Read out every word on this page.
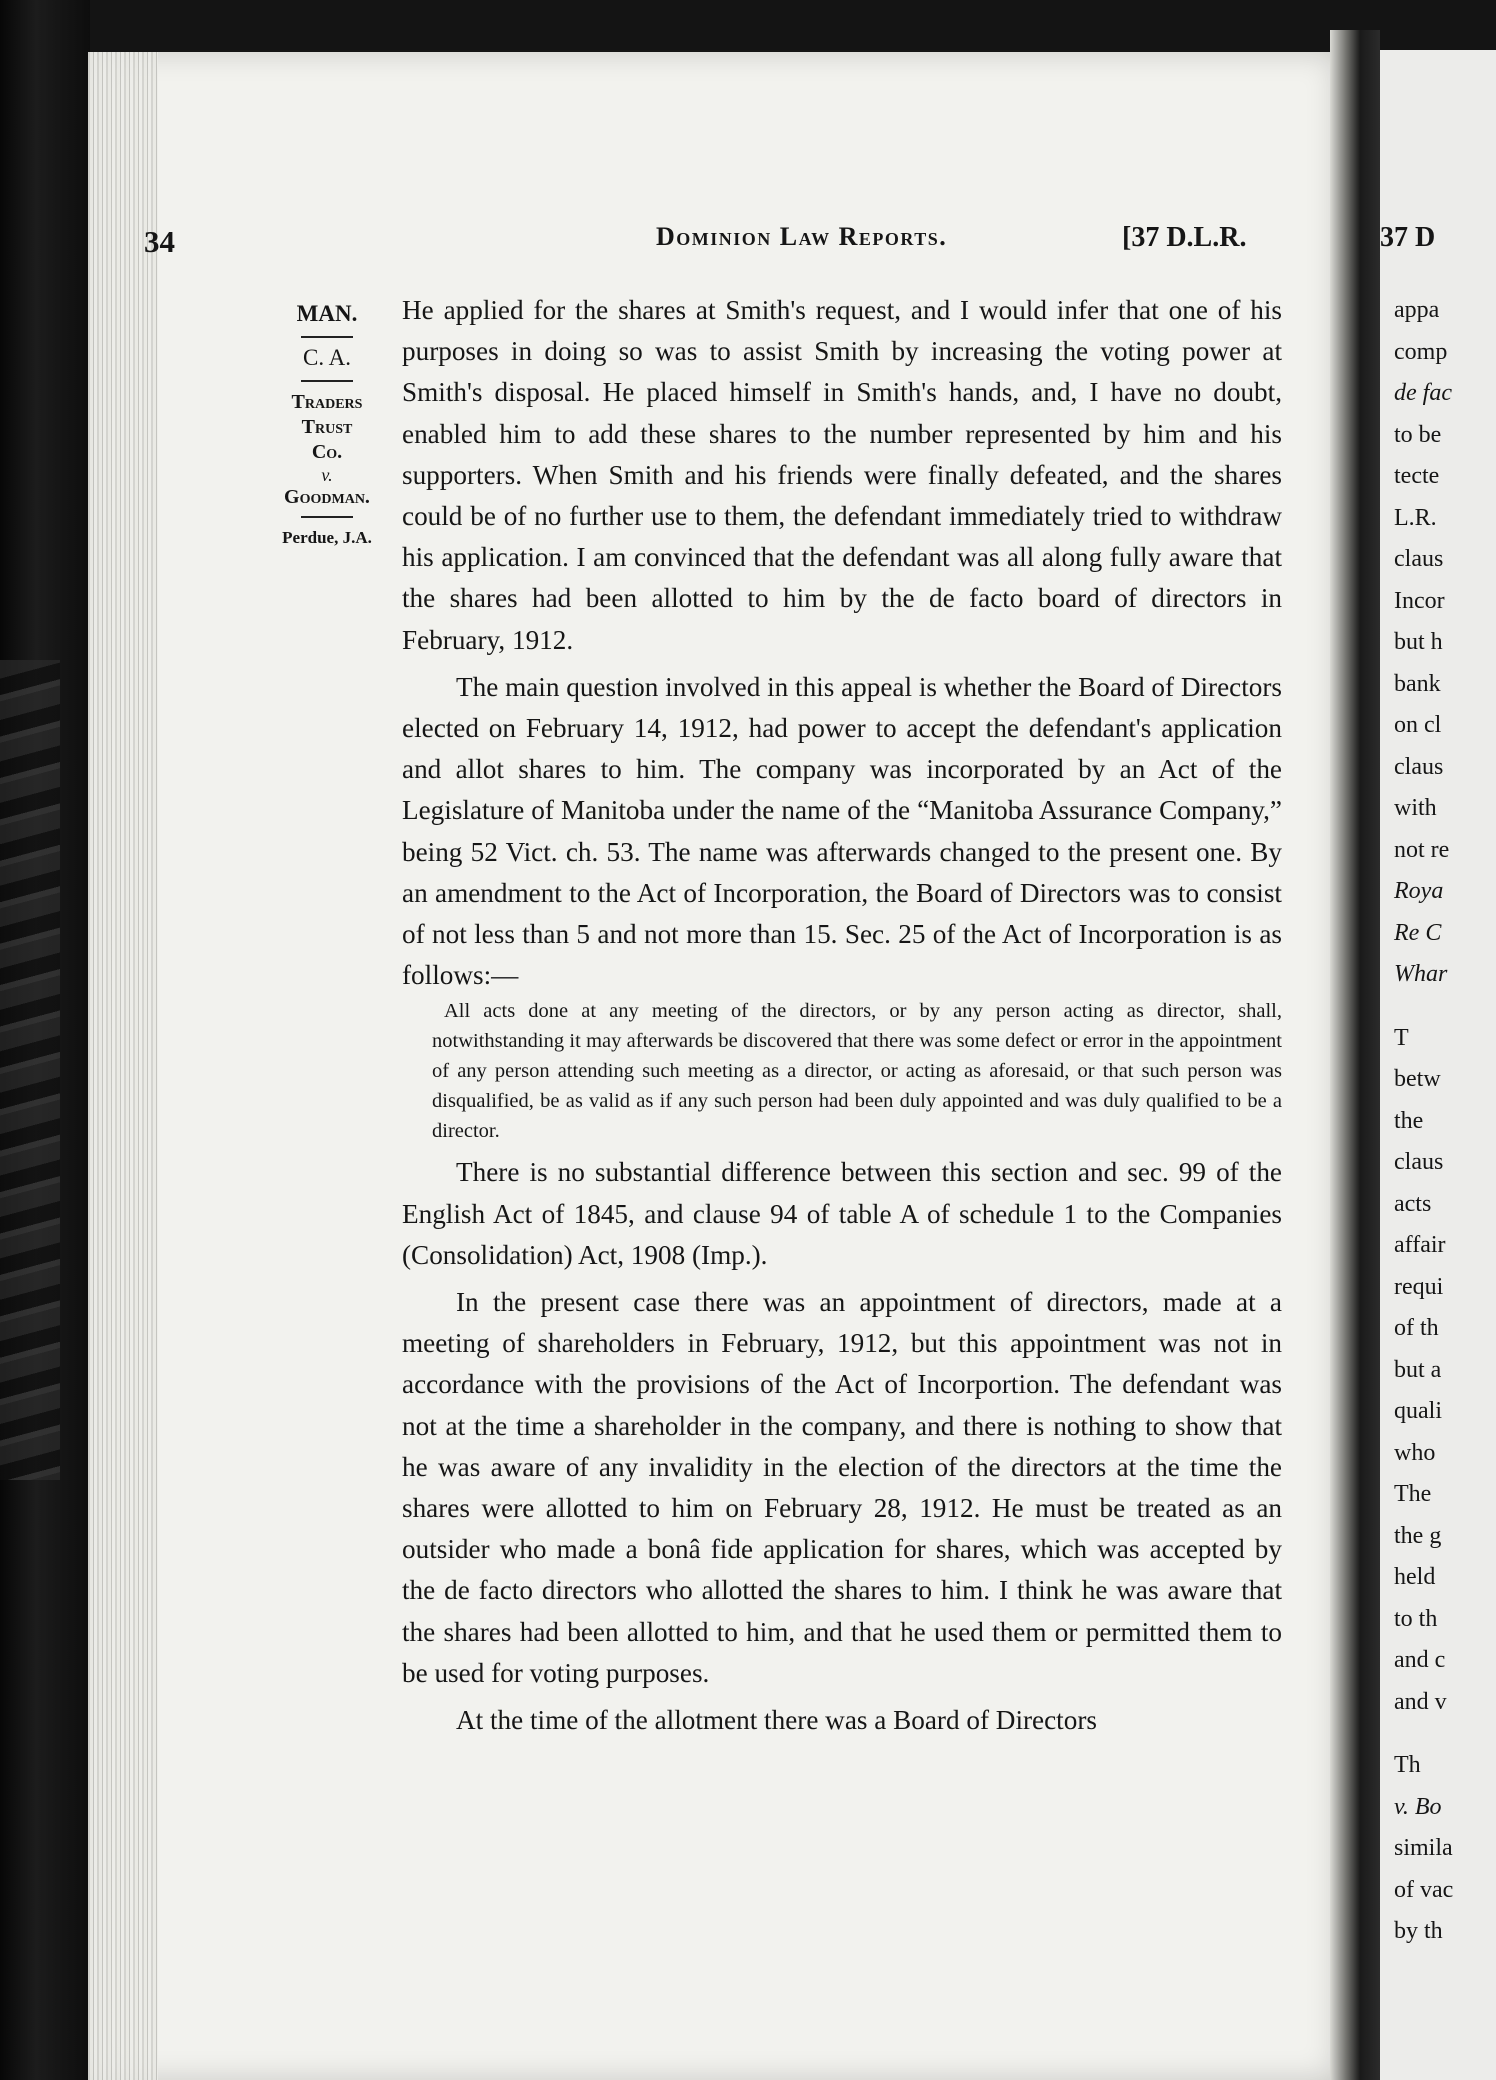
34	Dominion Law Reports.	[37 D.L.R.
MAN.
C. A.
Traders
Trust
Co.
v.
Goodman.
Perdue, J.A.

He applied for the shares at Smith's request, and I would infer that one of his purposes in doing so was to assist Smith by increasing the voting power at Smith's disposal. He placed himself in Smith's hands, and, I have no doubt, enabled him to add these shares to the number represented by him and his supporters. When Smith and his friends were finally defeated, and the shares could be of no further use to them, the defendant immediately tried to withdraw his application. I am convinced that the defendant was all along fully aware that the shares had been allotted to him by the de facto board of directors in February, 1912.

The main question involved in this appeal is whether the Board of Directors elected on February 14, 1912, had power to accept the defendant's application and allot shares to him. The company was incorporated by an Act of the Legislature of Manitoba under the name of the “Manitoba Assurance Company,” being 52 Vict. ch. 53. The name was afterwards changed to the present one. By an amendment to the Act of Incorporation, the Board of Directors was to consist of not less than 5 and not more than 15. Sec. 25 of the Act of Incorporation is as follows:—

All acts done at any meeting of the directors, or by any person acting as director, shall, notwithstanding it may afterwards be discovered that there was some defect or error in the appointment of any person attending such meeting as a director, or acting as aforesaid, or that such person was disqualified, be as valid as if any such person had been duly appointed and was duly qualified to be a director.

There is no substantial difference between this section and sec. 99 of the English Act of 1845, and clause 94 of table A of schedule 1 to the Companies (Consolidation) Act, 1908 (Imp.).

In the present case there was an appointment of directors, made at a meeting of shareholders in February, 1912, but this appointment was not in accordance with the provisions of the Act of Incorportion. The defendant was not at the time a shareholder in the company, and there is nothing to show that he was aware of any invalidity in the election of the directors at the time the shares were allotted to him on February 28, 1912. He must be treated as an outsider who made a bonâ fide application for shares, which was accepted by the de facto directors who allotted the shares to him. I think he was aware that the shares had been allotted to him, and that he used them or permitted them to be used for voting purposes.

At the time of the allotment there was a Board of Directors

37 D
appa
comp
de fac
to be
tecte
L.R.
claus
Incor
but h
bank
on cl
claus
with
not re
Roya
Re C
Whar
T
betw
the
claus
acts
affair
requi
of th
but a
quali
who
The
the g
held
to th
and c
and v
Th
v. Bo
simila
of vac
by th
